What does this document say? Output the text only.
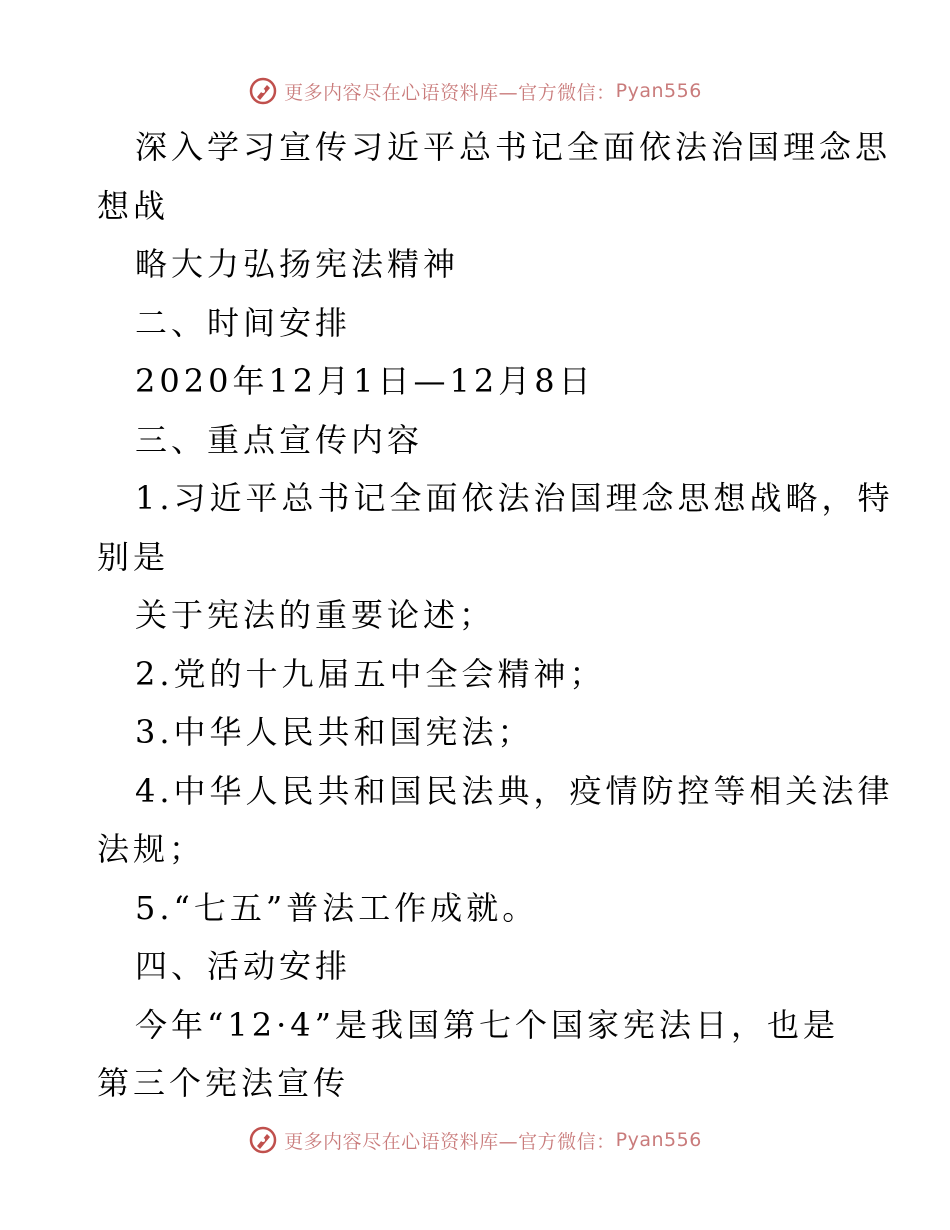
更多内容尽在心语资料库—官方微信： Pyan556
深入学习宣传习近平总书记全面依法治国理念思
想战
略大力弘扬宪法精神
二、时间安排
2020年12月1日—12月8日
三、重点宣传内容
1.习近平总书记全面依法治国理念思想战略，特
别是
关于宪法的重要论述；
2.党的十九届五中全会精神；
3.中华人民共和国宪法；
4.中华人民共和国民法典，疫情防控等相关法律
法规；
5.“七五”普法工作成就。
四、活动安排
今年“12·4”是我国第七个国家宪法日，也是
第三个宪法宣传
更多内容尽在心语资料库—官方微信： Pyan556
